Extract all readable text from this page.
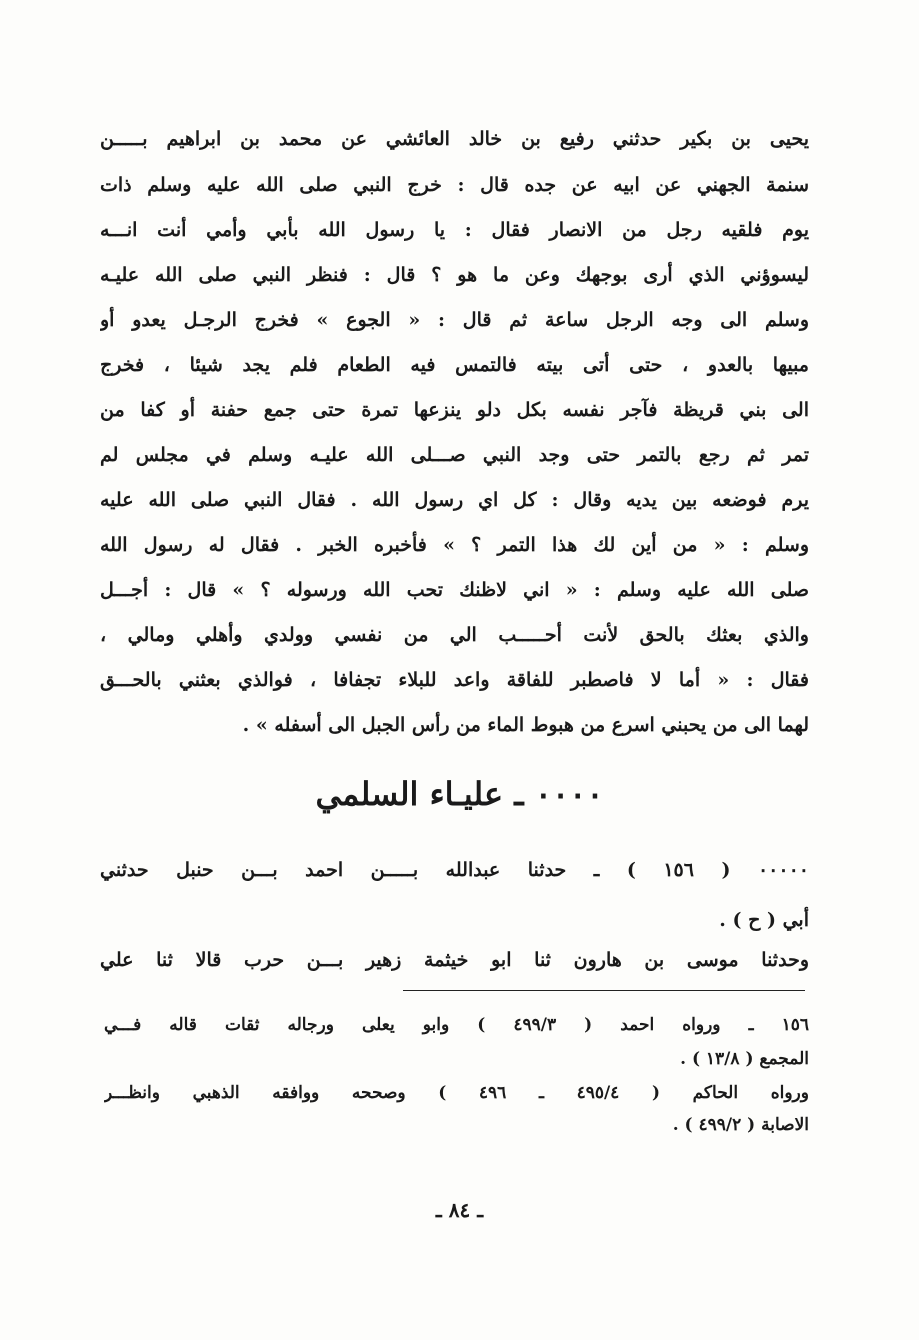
يحيى بن بكير حدثني رفيع بن خالد العائشي عن محمد بن ابراهيم بـــــن
سنمة الجهني عن ابيه عن جده قال : خرج النبي صلى الله عليه وسلم ذات
يوم فلقيه رجل من الانصار فقال : يا رسول الله بأبي وأمي أنت انـــه
ليسوؤني الذي أرى بوجهك وعن ما هو ؟ قال : فنظر النبي صلى الله عليـه
وسلم الى وجه الرجل ساعة ثم قال : « الجوع » فخرج الرجـل يعدو أو
مبيها بالعدو ، حتى أتى بيته فالتمس فيه الطعام فلم يجد شيئا ، فخرج
الى بني قريظة فآجر نفسه بكل دلو ينزعها تمرة حتى جمع حفنة أو كفا من
تمر ثم رجع بالتمر حتى وجد النبي صـــلى الله عليـه وسلم في مجلس لم
يرم فوضعه بين يديه وقال : كل اي رسول الله . فقال النبي صلى الله عليه
وسلم : « من أين لك هذا التمر ؟ » فأخبره الخبر . فقال له رسول الله
صلى الله عليه وسلم : « اني لاظنك تحب الله ورسوله ؟ » قال : أجـــل
والذي بعثك بالحق لأنت أحـــــب الي من نفسي وولدي وأهلي ومالي ،
فقال : « أما لا فاصطبر للفاقة واعد للبلاء تجفافا ، فوالذي بعثني بالحـــق
لهما الى من يحبني اسرع من هبوط الماء من رأس الجبل الى أسفله » .
٠٠٠٠ ـ عليـاء السلمي
٠٠٠٠٠ ( ١٥٦ ) ـ حدثنا عبدالله بـــــن احمد بـــن حنبل حدثني
أبي ( ح ) .
وحدثنا موسى بن هارون ثنا ابو خيثمة زهير بـــن حرب قالا ثنا علي
١٥٦ ـ ورواه احمد ( ٤٩٩/٣ ) وابو يعلى ورجاله ثقات قاله فـــي
المجمع ( ١٣/٨ ) .
ورواه الحاكم ( ٤٩٥/٤ ـ ٤٩٦ ) وصححه ووافقه الذهبي وانظـــر
الاصابة ( ٤٩٩/٢ ) .
ـ ٨٤ ـ
